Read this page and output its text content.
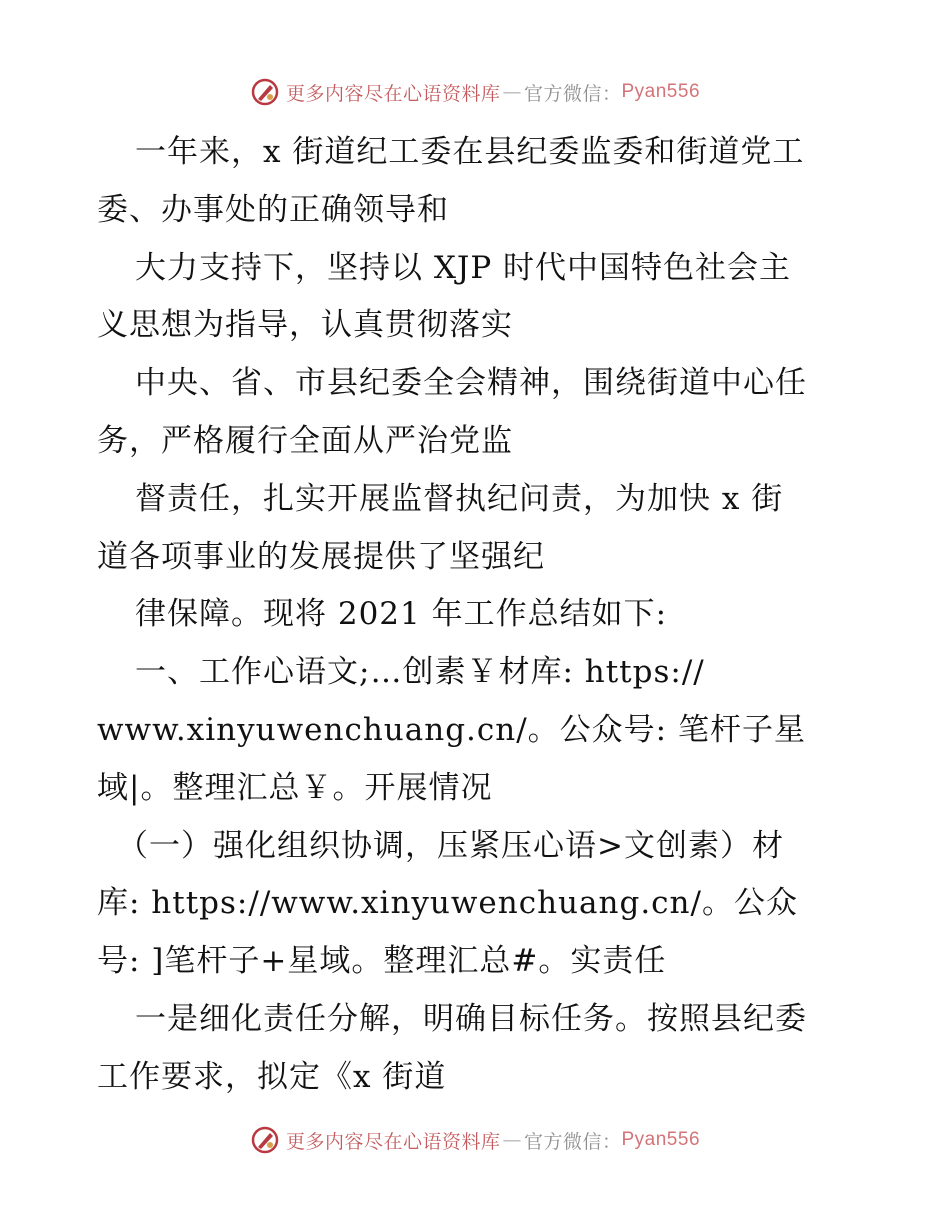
更多内容尽在心语资料库 — 官方微信： Pyan556
一年来，x 街道纪工委在县纪委监委和街道党工
委、办事处的正确领导和
大力支持下，坚持以 XJP 时代中国特色社会主
义思想为指导，认真贯彻落实
中央、省、市县纪委全会精神，围绕街道中心任
务，严格履行全面从严治党监
督责任，扎实开展监督执纪问责，为加快 x 街
道各项事业的发展提供了坚强纪
律保障。现将 2021 年工作总结如下:
一、工作心语文;…创素￥材库: https://
www.xinyuwenchuang.cn/。公众号: 笔杆子星
域|。整理汇总￥。开展情况
（一）强化组织协调，压紧压心语>文创素）材
库: https://www.xinyuwenchuang.cn/。公众
号: ]笔杆子+星域。整理汇总#。实责任
一是细化责任分解，明确目标任务。按照县纪委
工作要求，拟定《x 街道
更多内容尽在心语资料库 — 官方微信： Pyan556
